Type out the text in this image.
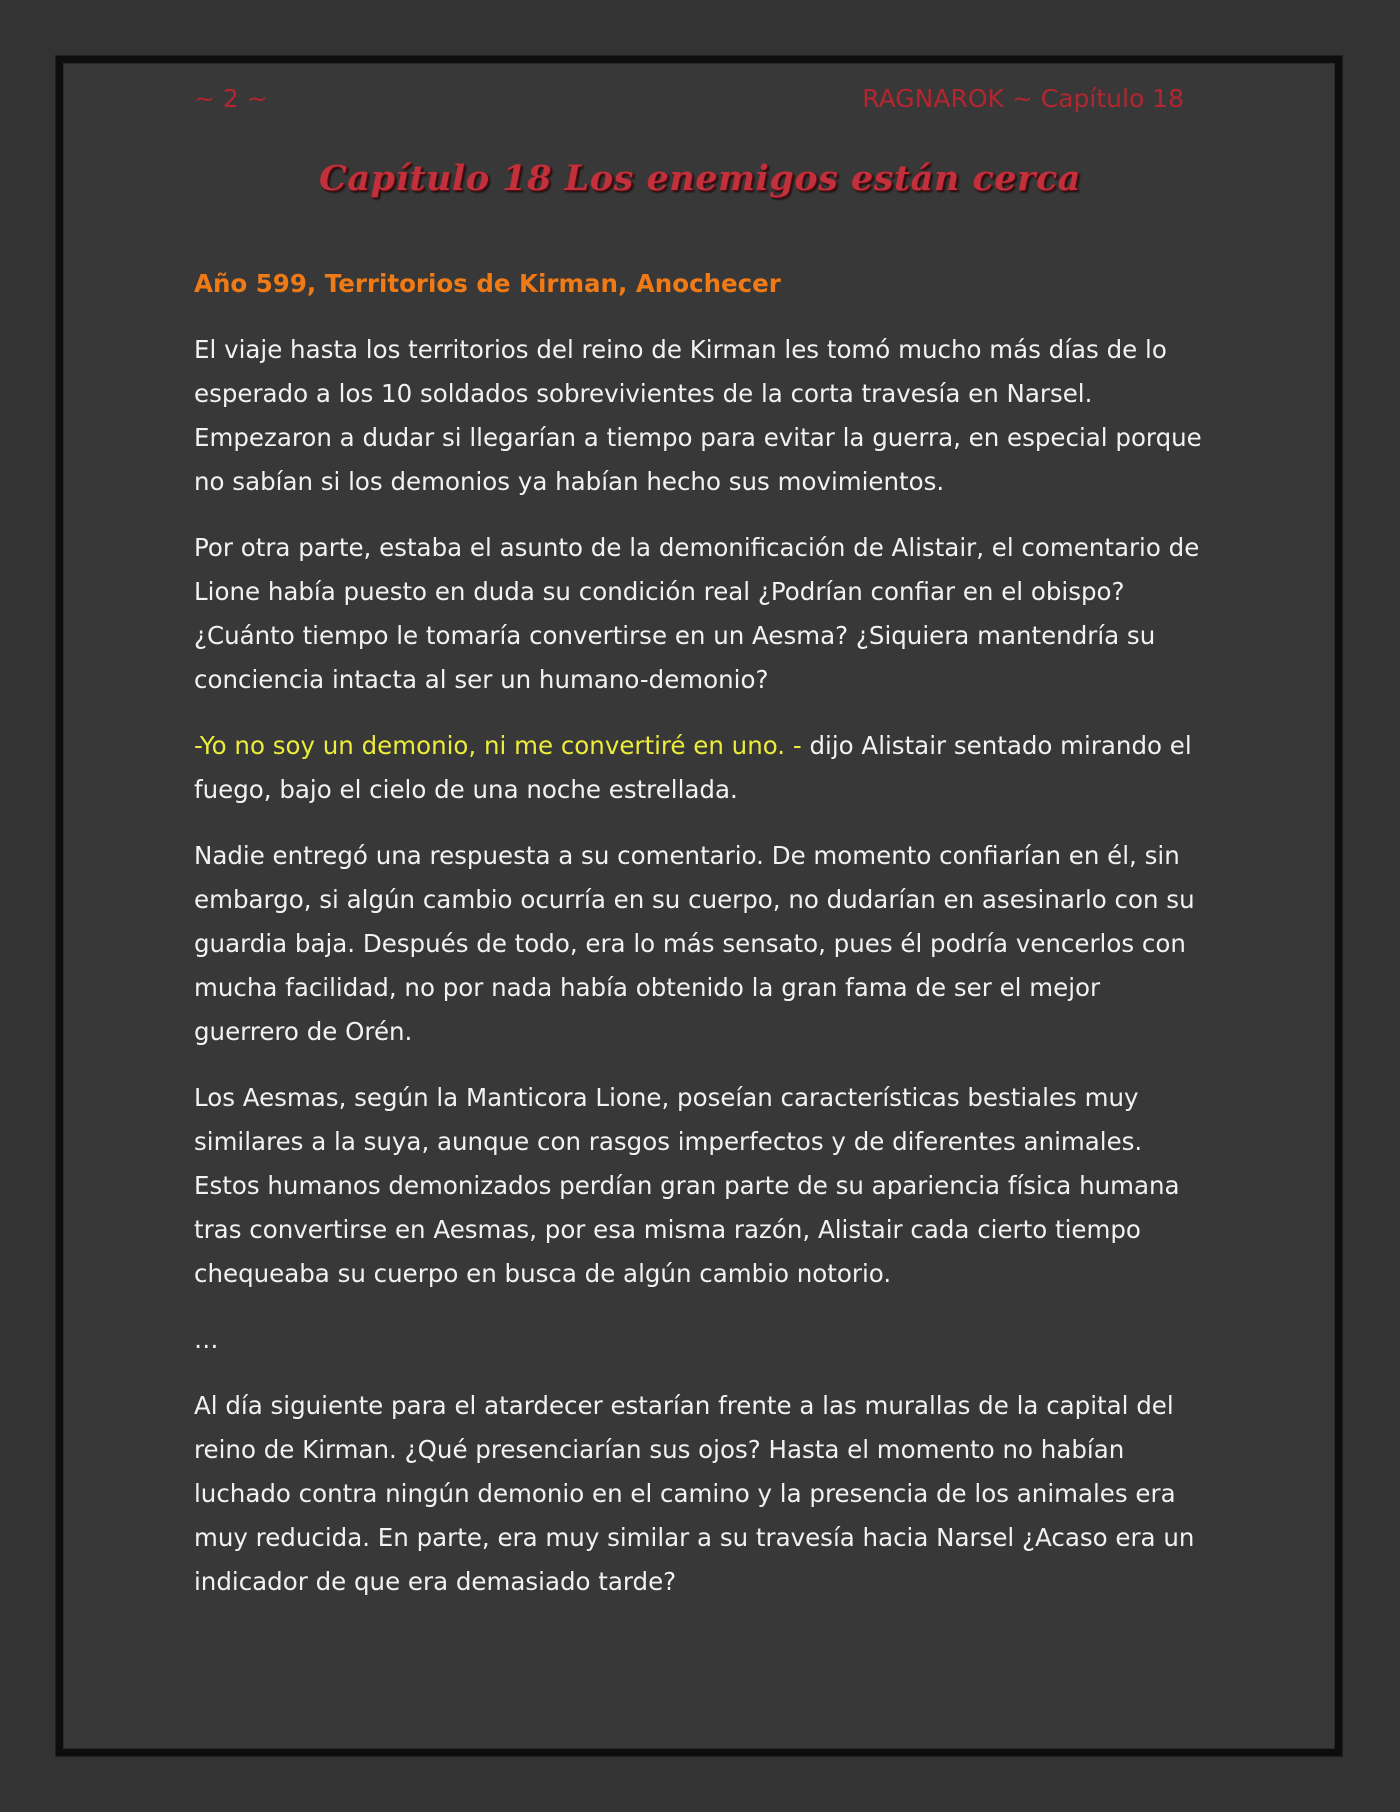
~ 2 ~	RAGNAROK ~ Capítulo 18
Capítulo 18 Los enemigos están cerca
Año 599, Territorios de Kirman, Anochecer

El viaje hasta los territorios del reino de Kirman les tomó mucho más días de lo esperado a los 10 soldados sobrevivientes de la corta travesía en Narsel. Empezaron a dudar si llegarían a tiempo para evitar la guerra, en especial porque no sabían si los demonios ya habían hecho sus movimientos.

Por otra parte, estaba el asunto de la demonificación de Alistair, el comentario de Lione había puesto en duda su condición real ¿Podrían confiar en el obispo? ¿Cuánto tiempo le tomaría convertirse en un Aesma? ¿Siquiera mantendría su conciencia intacta al ser un humano-demonio?

-Yo no soy un demonio, ni me convertiré en uno. - dijo Alistair sentado mirando el fuego, bajo el cielo de una noche estrellada.

Nadie entregó una respuesta a su comentario. De momento confiarían en él, sin embargo, si algún cambio ocurría en su cuerpo, no dudarían en asesinarlo con su guardia baja. Después de todo, era lo más sensato, pues él podría vencerlos con mucha facilidad, no por nada había obtenido la gran fama de ser el mejor guerrero de Orén.

Los Aesmas, según la Manticora Lione, poseían características bestiales muy similares a la suya, aunque con rasgos imperfectos y de diferentes animales. Estos humanos demonizados perdían gran parte de su apariencia física humana tras convertirse en Aesmas, por esa misma razón, Alistair cada cierto tiempo chequeaba su cuerpo en busca de algún cambio notorio.

…

Al día siguiente para el atardecer estarían frente a las murallas de la capital del reino de Kirman. ¿Qué presenciarían sus ojos? Hasta el momento no habían luchado contra ningún demonio en el camino y la presencia de los animales era muy reducida. En parte, era muy similar a su travesía hacia Narsel ¿Acaso era un indicador de que era demasiado tarde?
